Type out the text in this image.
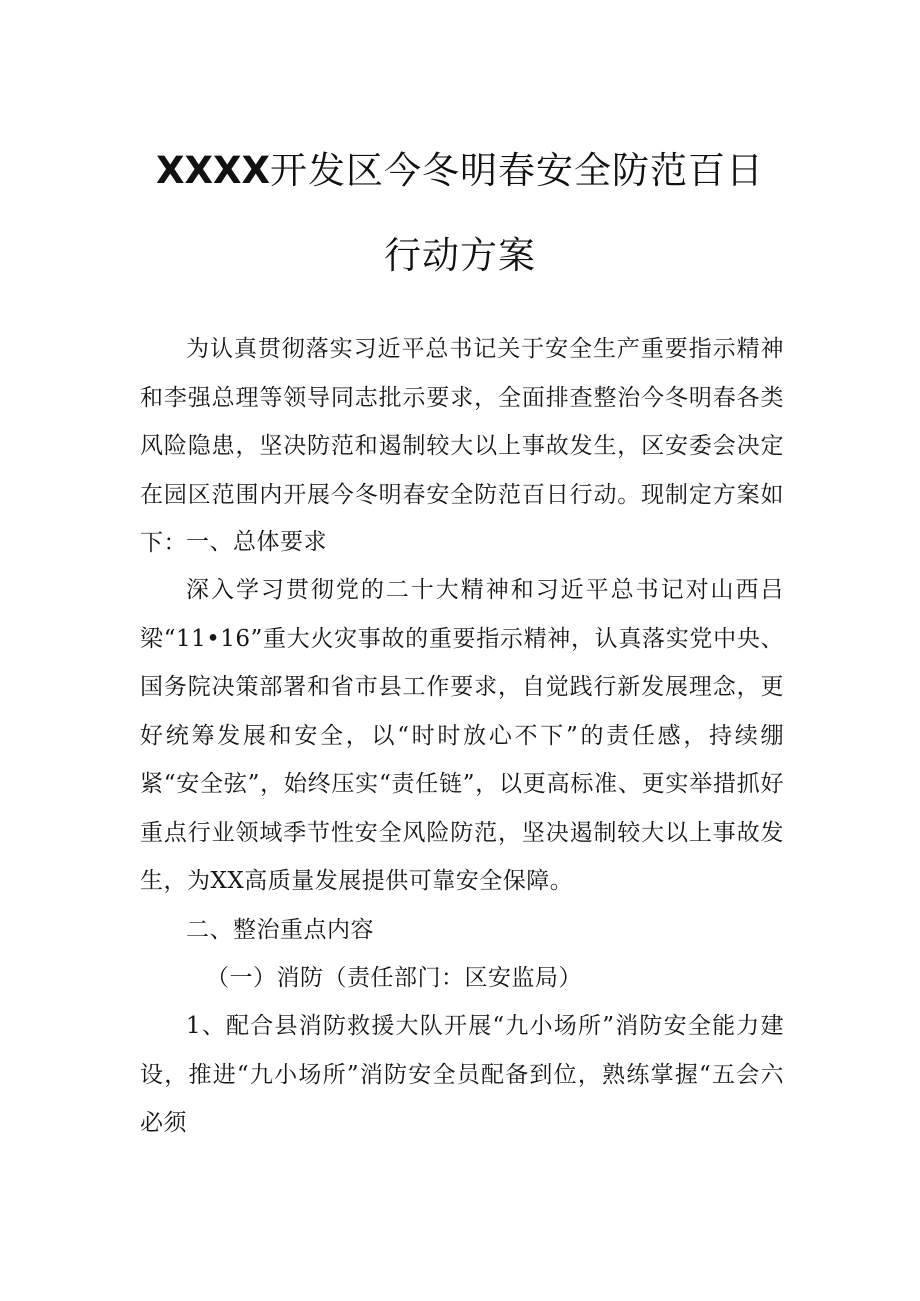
XXXX开发区今冬明春安全防范百日
行动方案
为认真贯彻落实习近平总书记关于安全生产重要指示精神和李强总理等领导同志批示要求，全面排查整治今冬明春各类风险隐患，坚决防范和遏制较大以上事故发生，区安委会决定在园区范围内开展今冬明春安全防范百日行动。现制定方案如下： 一、总体要求
深入学习贯彻党的二十大精神和习近平总书记对山西吕梁“11•16”重大火灾事故的重要指示精神，认真落实党中央、国务院决策部署和省市县工作要求，自觉践行新发展理念，更好统筹发展和安全，以“时时放心不下”的责任感，持续绷紧“安全弦”，始终压实“责任链”，以更高标准、更实举措抓好重点行业领域季节性安全风险防范，坚决遏制较大以上事故发生，为XX高质量发展提供可靠安全保障。
二、整治重点内容
（一）消防（责任部门：区安监局）
1、配合县消防救援大队开展“九小场所”消防安全能力建设，推进“九小场所”消防安全员配备到位，熟练掌握“五会六必须
